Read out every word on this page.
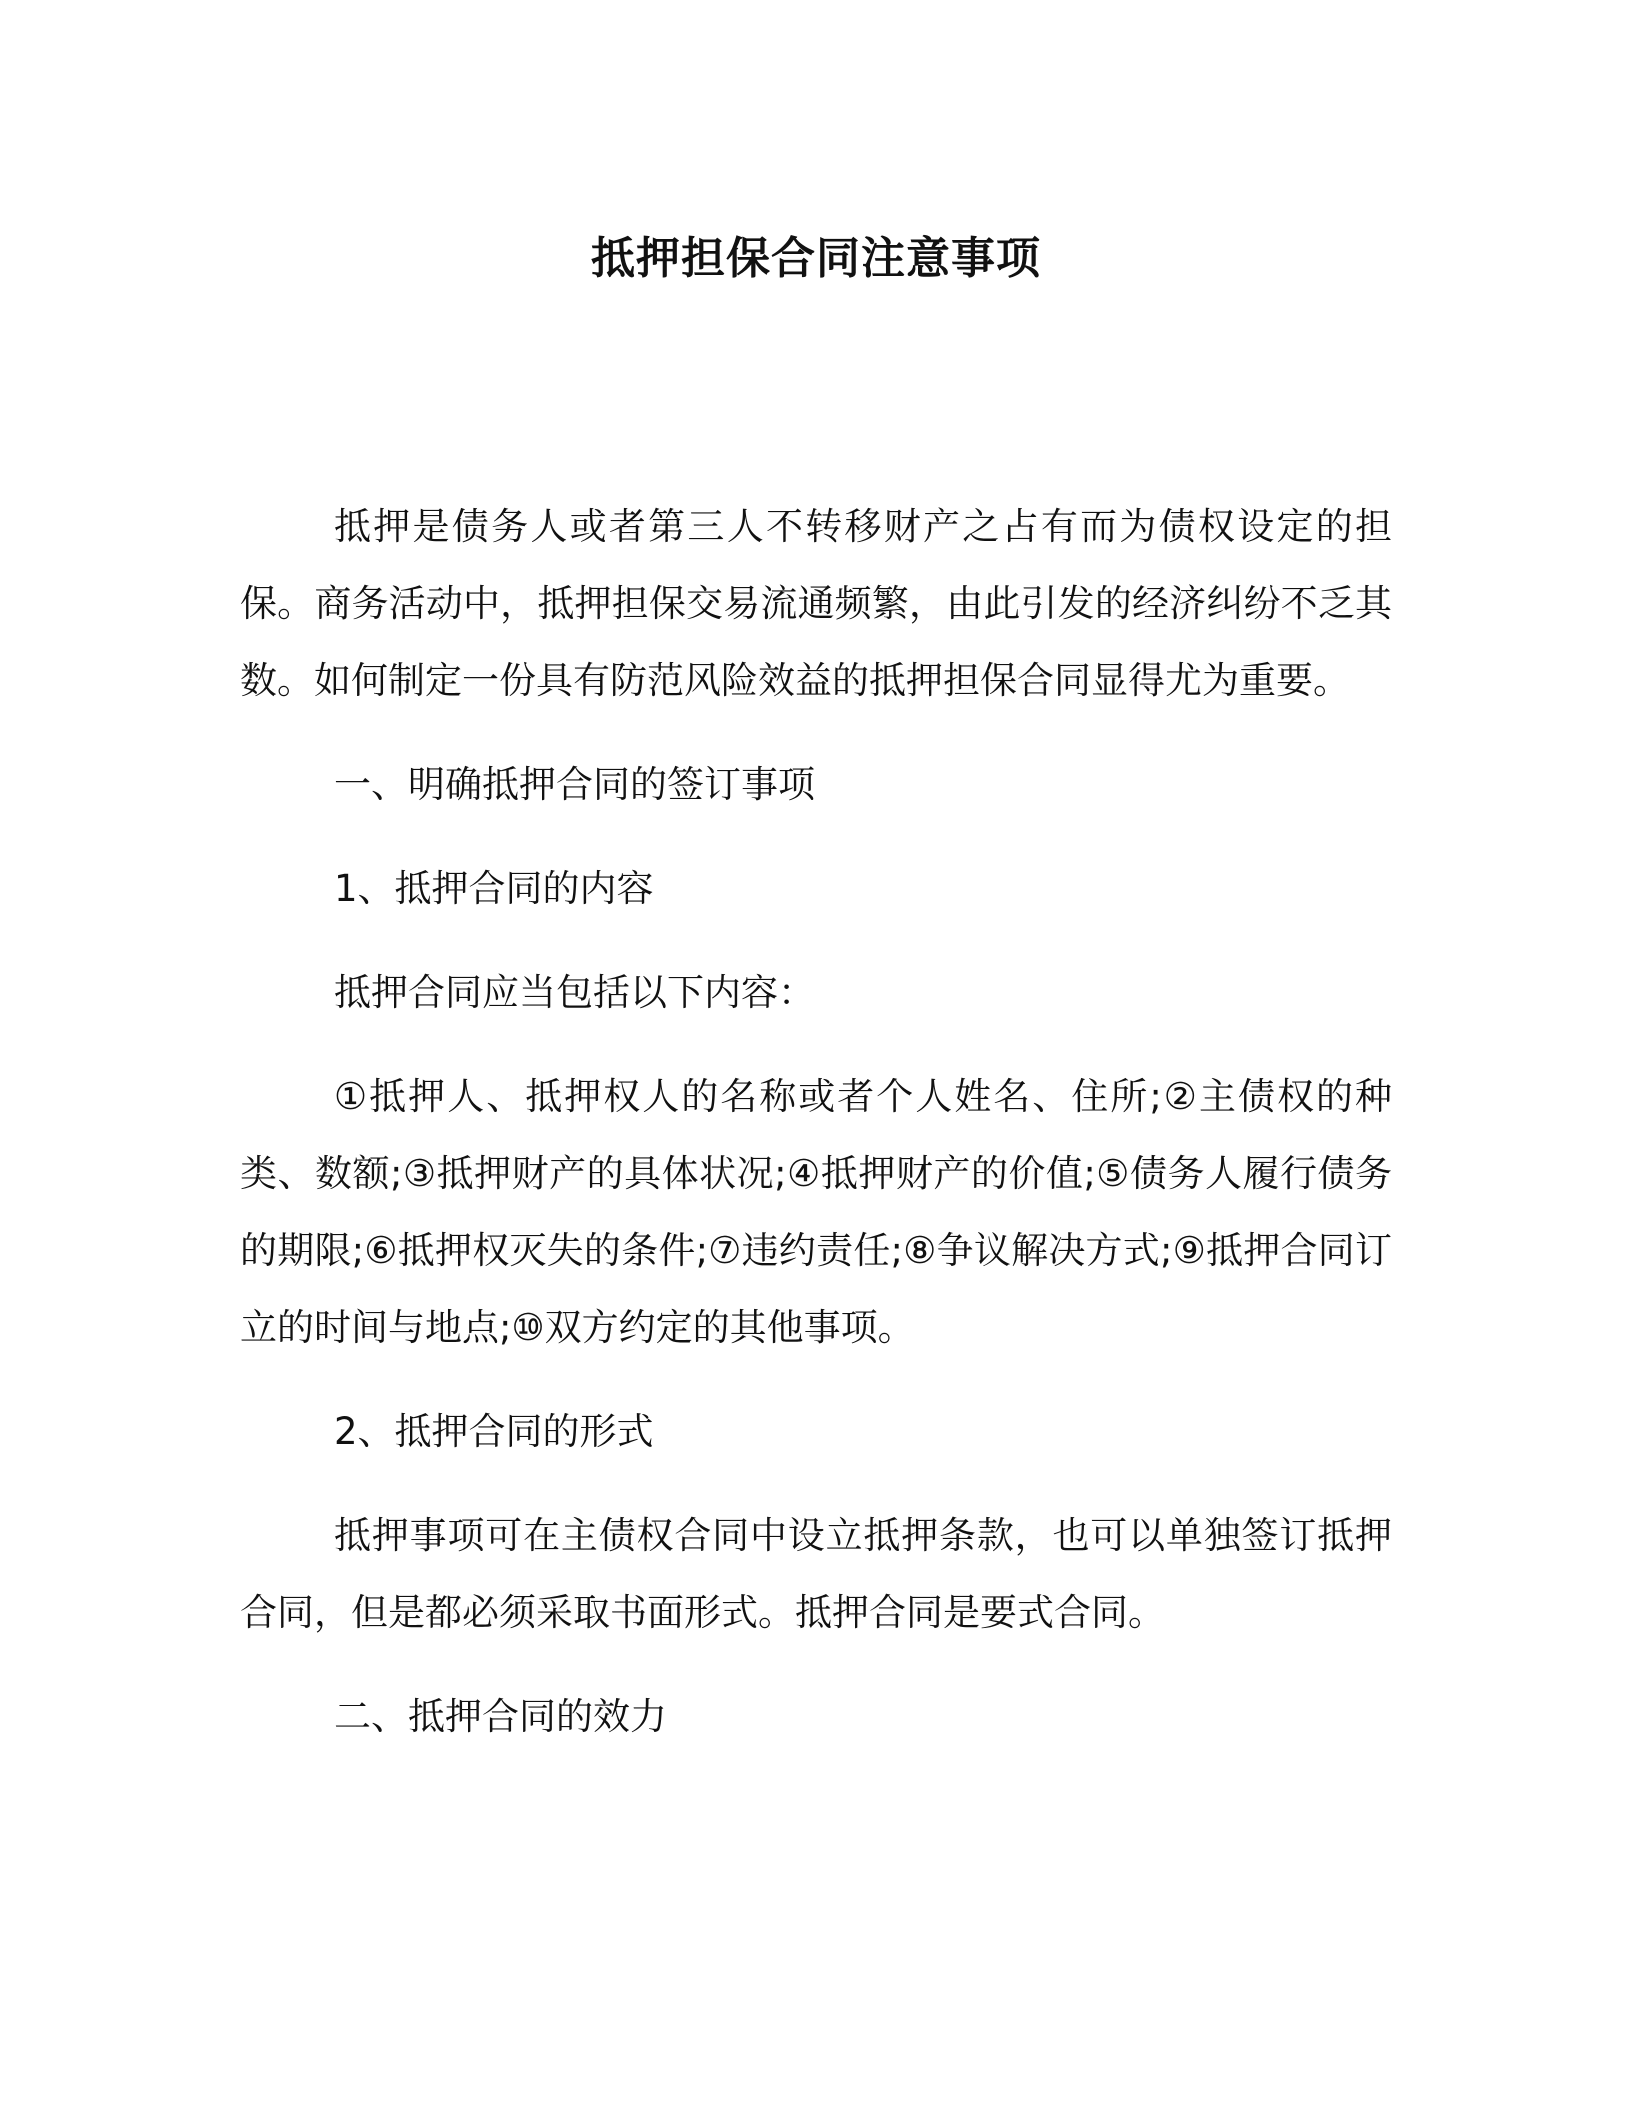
抵押担保合同注意事项

抵押是债务人或者第三人不转移财产之占有而为债权设定的担保。商务活动中，抵押担保交易流通频繁，由此引发的经济纠纷不乏其数。如何制定一份具有防范风险效益的抵押担保合同显得尤为重要。

一、明确抵押合同的签订事项

1、抵押合同的内容

抵押合同应当包括以下内容：

①抵押人、抵押权人的名称或者个人姓名、住所;②主债权的种类、数额;③抵押财产的具体状况;④抵押财产的价值;⑤债务人履行债务的期限;⑥抵押权灭失的条件;⑦违约责任;⑧争议解决方式;⑨抵押合同订立的时间与地点;⑩双方约定的其他事项。

2、抵押合同的形式

抵押事项可在主债权合同中设立抵押条款，也可以单独签订抵押合同，但是都必须采取书面形式。抵押合同是要式合同。

二、抵押合同的效力
